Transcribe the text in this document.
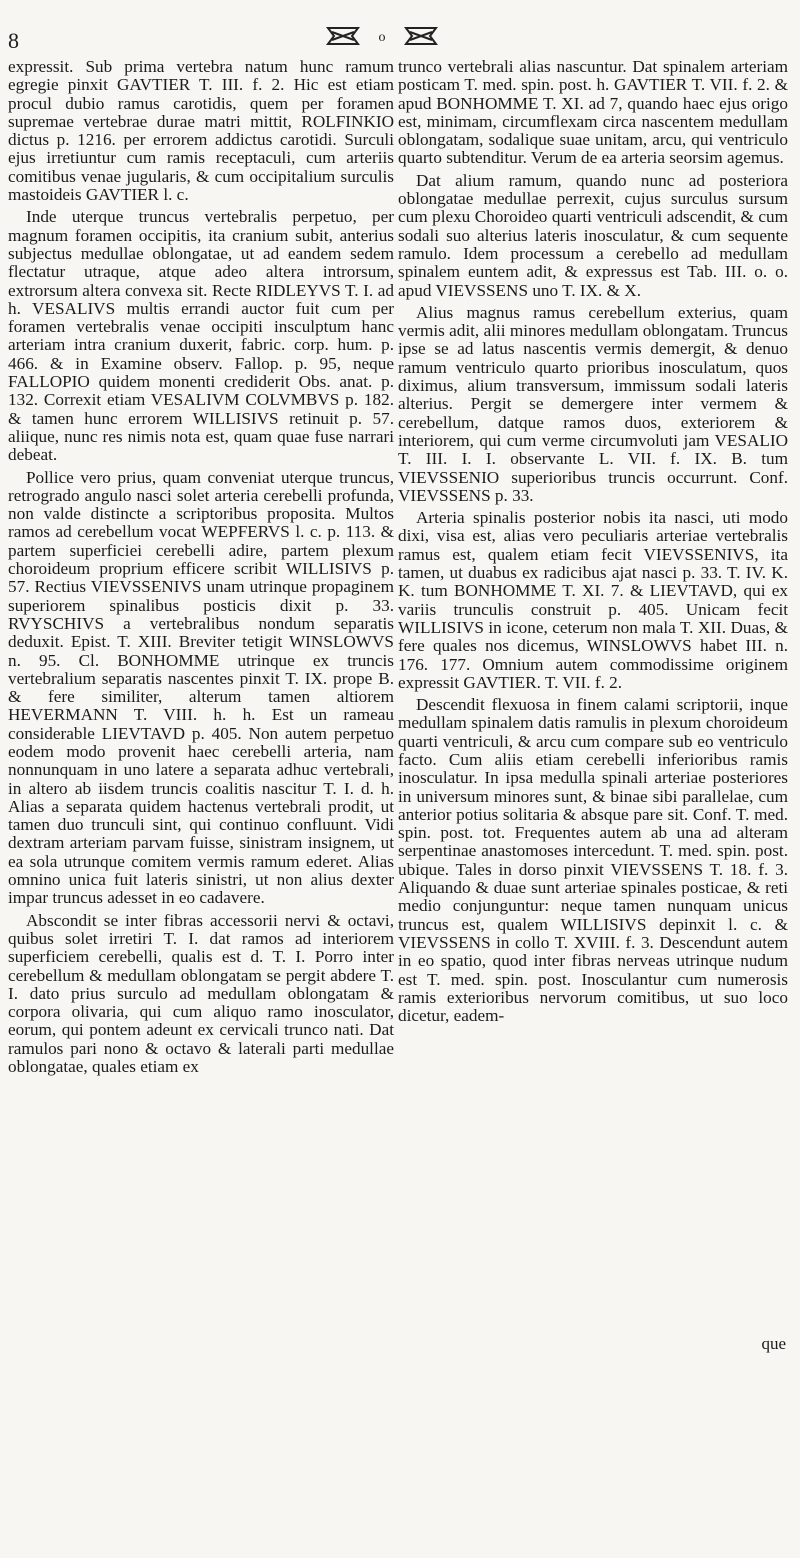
8	o

expressit. Sub prima vertebra natum hunc ramum egregie pinxit GAVTIER T. III. f. 2. Hic est etiam procul dubio ramus carotidis, quem per foramen supremae vertebrae durae matri mittit, ROLFINKIO dictus p. 1216. per errorem addictus carotidi. Surculi ejus irretiuntur cum ramis receptaculi, cum arteriis comitibus venae jugularis, & cum occipitalium surculis mastoideis GAVTIER l. c.

Inde uterque truncus vertebralis perpetuo, per magnum foramen occipitis, ita cranium subit, anterius subjectus medullae oblongatae, ut ad eandem sedem flectatur utraque, atque adeo altera introrsum, extrorsum altera convexa sit. Recte RIDLEYVS T. I. ad h. VESALIVS multis errandi auctor fuit cum per foramen vertebralis venae occipiti insculptum hanc arteriam intra cranium duxerit, fabric. corp. hum. p. 466. & in Examine observ. Fallop. p. 95, neque FALLOPIO quidem monenti crediderit Obs. anat. p. 132. Correxit etiam VESALIVM COLVMBVS p. 182. & tamen hunc errorem WILLISIVS retinuit p. 57. aliique, nunc res nimis nota est, quam quae fuse narrari debeat.

Pollice vero prius, quam conveniat uterque truncus, retrogrado angulo nasci solet arteria cerebelli profunda, non valde distincte a scriptoribus proposita. Multos ramos ad cerebellum vocat WEPFERVS l. c. p. 113. & partem superficiei cerebelli adire, partem plexum choroideum proprium efficere scribit WILLISIVS p. 57. Rectius VIEVSSENIVS unam utrinque propaginem superiorem spinalibus posticis dixit p. 33. RVYSCHIVS a vertebralibus nondum separatis deduxit. Epist. T. XIII. Breviter tetigit WINSLOWVS n. 95. Cl. BONHOMME utrinque ex truncis vertebralium separatis nascentes pinxit T. IX. prope B. & fere similiter, alterum tamen altiorem HEVERMANN T. VIII. h. h. Est un rameau considerable LIEVTAVD p. 405. Non autem perpetuo eodem modo provenit haec cerebelli arteria, nam nonnunquam in uno latere a separata adhuc vertebrali, in altero ab iisdem truncis coalitis nascitur T. I. d. h. Alias a separata quidem hactenus vertebrali prodit, ut tamen duo trunculi sint, qui continuo confluunt. Vidi dextram arteriam parvam fuisse, sinistram insignem, ut ea sola utrunque comitem vermis ramum ederet. Alias omnino unica fuit lateris sinistri, ut non alius dexter impar truncus adesset in eo cadavere.

Abscondit se inter fibras accessorii nervi & octavi, quibus solet irretiri T. I. dat ramos ad interiorem superficiem cerebelli, qualis est d. T. I. Porro inter cerebellum & medullam oblongatam se pergit abdere T. I. dato prius surculo ad medullam oblongatam & corpora olivaria, qui cum aliquo ramo inosculator, eorum, qui pontem adeunt ex cervicali trunco nati. Dat ramulos pari nono & octavo & laterali parti medullae oblongatae, quales etiam ex

trunco vertebrali alias nascuntur. Dat spinalem arteriam posticam T. med. spin. post. h. GAVTIER T. VII. f. 2. & apud BONHOMME T. XI. ad 7, quando haec ejus origo est, minimam, circumflexam circa nascentem medullam oblongatam, sodalique suae unitam, arcu, qui ventriculo quarto subtenditur. Verum de ea arteria seorsim agemus.

Dat alium ramum, quando nunc ad posteriora oblongatae medullae perrexit, cujus surculus sursum cum plexu Choroideo quarti ventriculi adscendit, & cum sodali suo alterius lateris inosculatur, & cum sequente ramulo. Idem processum a cerebello ad medullam spinalem euntem adit, & expressus est Tab. III. o. o. apud VIEVSSENS uno T. IX. & X.

Alius magnus ramus cerebellum exterius, quam vermis adit, alii minores medullam oblongatam. Truncus ipse se ad latus nascentis vermis demergit, & denuo ramum ventriculo quarto prioribus inosculatum, quos diximus, alium transversum, immissum sodali lateris alterius. Pergit se demergere inter vermem & cerebellum, datque ramos duos, exteriorem & interiorem, qui cum verme circumvoluti jam VESALIO T. III. I. I. observante L. VII. f. IX. B. tum VIEVSSENIO superioribus truncis occurrunt. Conf. VIEVSSENS p. 33.

Arteria spinalis posterior nobis ita nasci, uti modo dixi, visa est, alias vero peculiaris arteriae vertebralis ramus est, qualem etiam fecit VIEVSSENIVS, ita tamen, ut duabus ex radicibus ajat nasci p. 33. T. IV. K. K. tum BONHOMME T. XI. 7. & LIEVTAVD, qui ex variis trunculis construit p. 405. Unicam fecit WILLISIVS in icone, ceterum non mala T. XII. Duas, & fere quales nos dicemus, WINSLOWVS habet III. n. 176. 177. Omnium autem commodissime originem expressit GAVTIER. T. VII. f. 2.

Descendit flexuosa in finem calami scriptorii, inque medullam spinalem datis ramulis in plexum choroideum quarti ventriculi, & arcu cum compare sub eo ventriculo facto. Cum aliis etiam cerebelli inferioribus ramis inosculatur. In ipsa medulla spinali arteriae posteriores in universum minores sunt, & binae sibi parallelae, cum anterior potius solitaria & absque pare sit. Conf. T. med. spin. post. tot. Frequentes autem ab una ad alteram serpentinae anastomoses intercedunt. T. med. spin. post. ubique. Tales in dorso pinxit VIEVSSENS T. 18. f. 3. Aliquando & duae sunt arteriae spinales posticae, & reti medio conjunguntur: neque tamen nunquam unicus truncus est, qualem WILLISIVS depinxit l. c. & VIEVSSENS in collo T. XVIII. f. 3. Descendunt autem in eo spatio, quod inter fibras nerveas utrinque nudum est T. med. spin. post. Inosculantur cum numerosis ramis exterioribus nervorum comitibus, ut suo loco dicetur, eadem-

que
